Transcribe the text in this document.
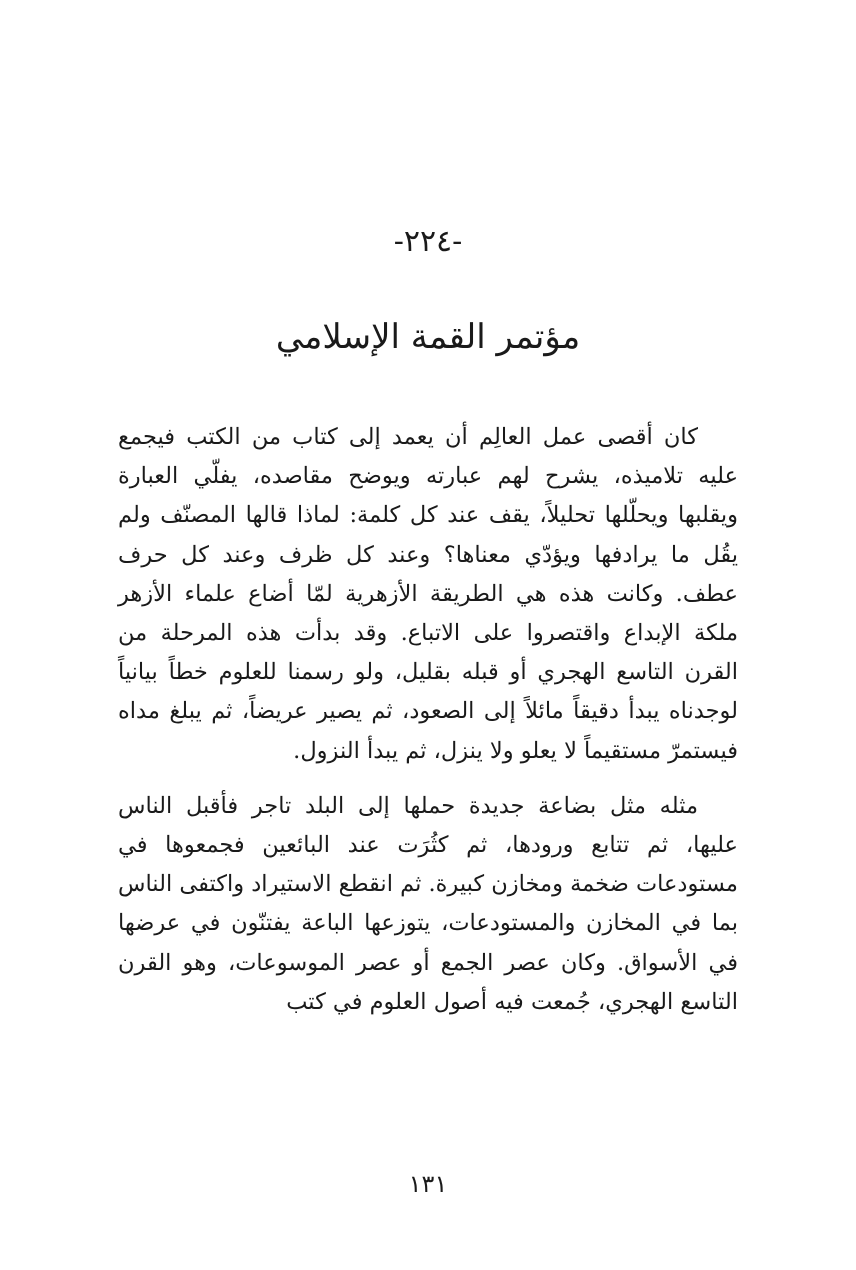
-٢٢٤-
مؤتمر القمة الإسلامي

كان أقصى عمل العالِم أن يعمد إلى كتاب من الكتب فيجمع عليه تلاميذه، يشرح لهم عبارته ويوضح مقاصده، يفلّي العبارة ويقلبها ويحلّلها تحليلاً، يقف عند كل كلمة: لماذا قالها المصنّف ولم يقُل ما يرادفها ويؤدّي معناها؟ وعند كل ظرف وعند كل حرف عطف. وكانت هذه هي الطريقة الأزهرية لمّا أضاع علماء الأزهر ملكة الإبداع واقتصروا على الاتباع. وقد بدأت هذه المرحلة من القرن التاسع الهجري أو قبله بقليل، ولو رسمنا للعلوم خطاً بيانياً لوجدناه يبدأ دقيقاً مائلاً إلى الصعود، ثم يصير عريضاً، ثم يبلغ مداه فيستمرّ مستقيماً لا يعلو ولا ينزل، ثم يبدأ النزول.

مثله مثل بضاعة جديدة حملها إلى البلد تاجر فأقبل الناس عليها، ثم تتابع ورودها، ثم كثُرَت عند البائعين فجمعوها في مستودعات ضخمة ومخازن كبيرة. ثم انقطع الاستيراد واكتفى الناس بما في المخازن والمستودعات، يتوزعها الباعة يفتنّون في عرضها في الأسواق. وكان عصر الجمع أو عصر الموسوعات، وهو القرن التاسع الهجري، جُمعت فيه أصول العلوم في كتب

١٣١
